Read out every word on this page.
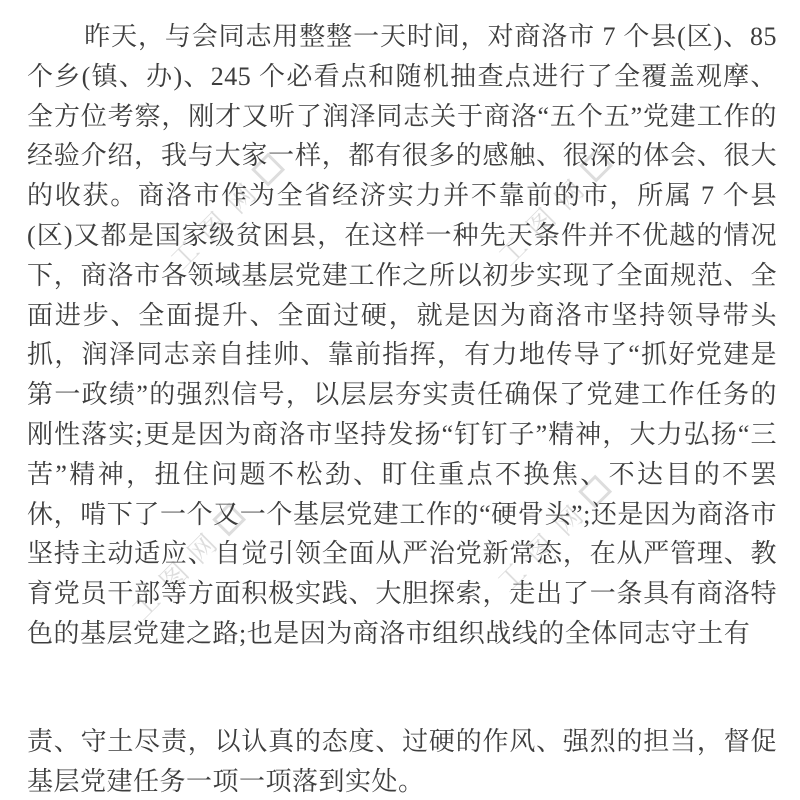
工图网	工图网
工图网	工图网

昨天，与会同志用整整一天时间，对商洛市 7 个县(区)、85 个乡(镇、办)、245 个必看点和随机抽查点进行了全覆盖观摩、全方位考察，刚才又听了润泽同志关于商洛“五个五”党建工作的经验介绍，我与大家一样，都有很多的感触、很深的体会、很大的收获。商洛市作为全省经济实力并不靠前的市，所属 7 个县(区)又都是国家级贫困县，在这样一种先天条件并不优越的情况下，商洛市各领域基层党建工作之所以初步实现了全面规范、全面进步、全面提升、全面过硬，就是因为商洛市坚持领导带头抓，润泽同志亲自挂帅、靠前指挥，有力地传导了“抓好党建是第一政绩”的强烈信号，以层层夯实责任确保了党建工作任务的刚性落实;更是因为商洛市坚持发扬“钉钉子”精神，大力弘扬“三苦”精神，扭住问题不松劲、盯住重点不换焦、不达目的不罢休，啃下了一个又一个基层党建工作的“硬骨头”;还是因为商洛市坚持主动适应、自觉引领全面从严治党新常态，在从严管理、教育党员干部等方面积极实践、大胆探索，走出了一条具有商洛特色的基层党建之路;也是因为商洛市组织战线的全体同志守土有

责、守土尽责，以认真的态度、过硬的作风、强烈的担当，督促基层党建任务一项一项落到实处。
